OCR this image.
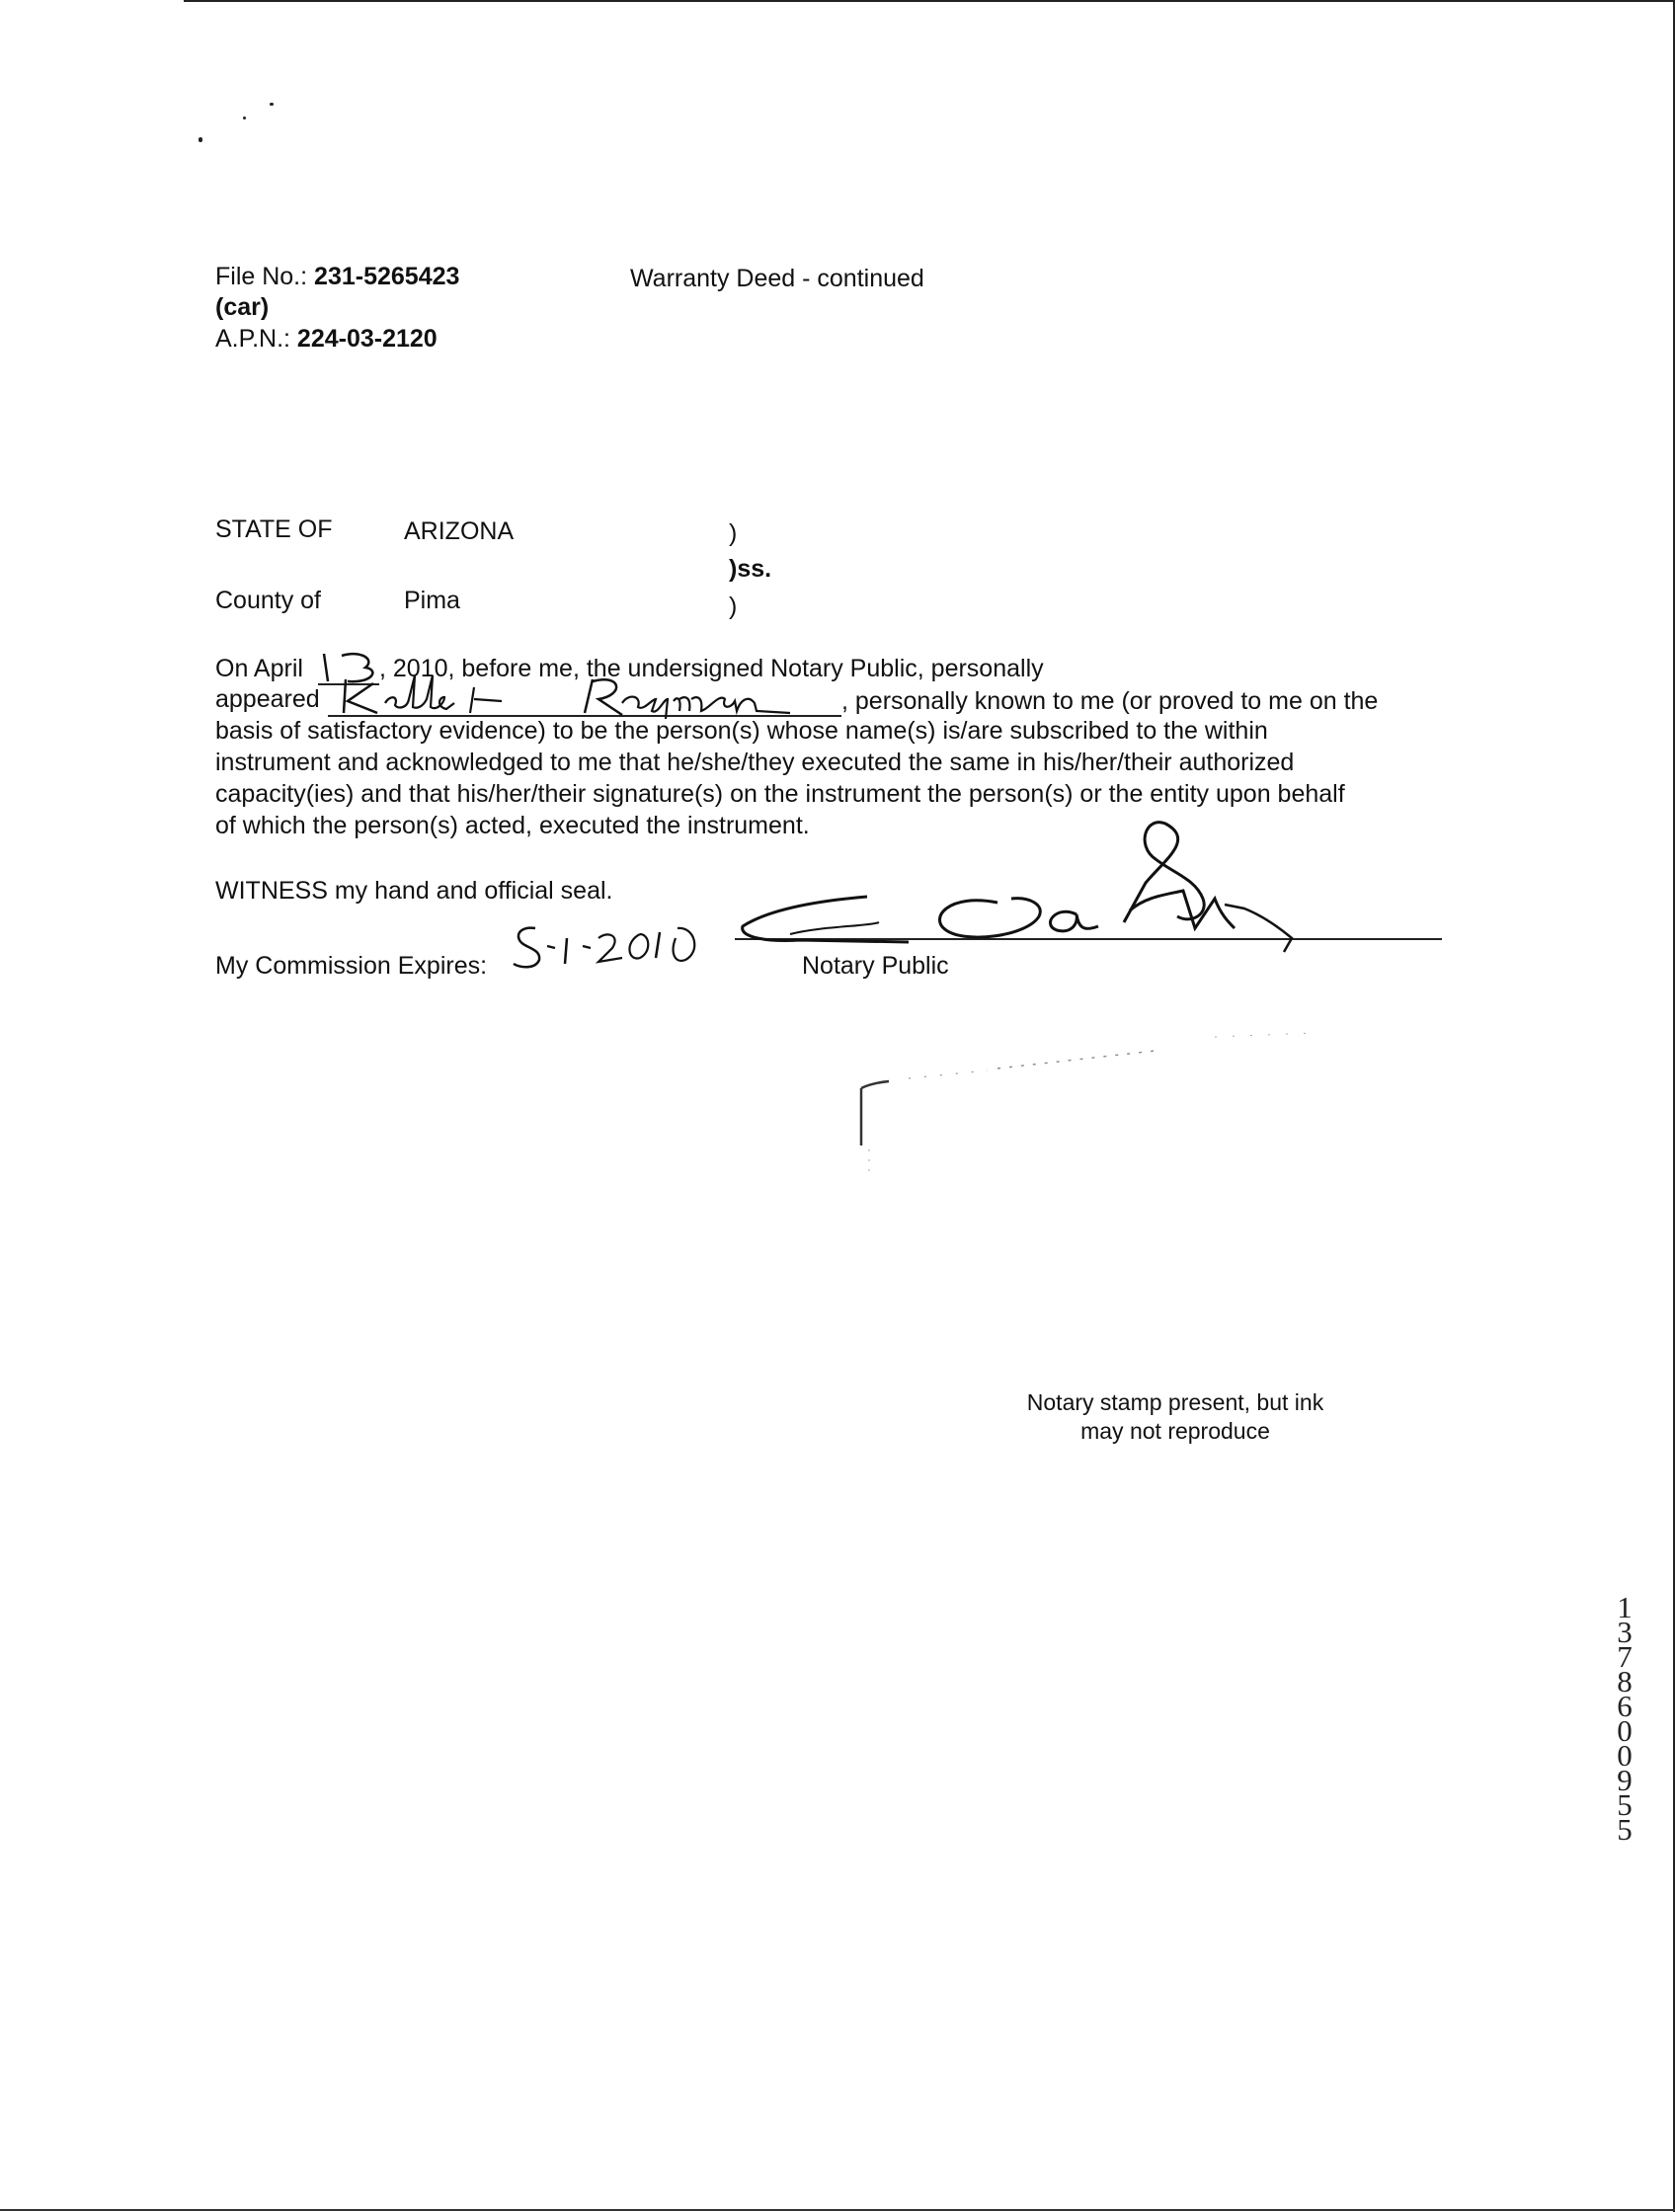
File No.: 231-5265423
(car)
A.P.N.: 224-03-2120
Warranty Deed - continued
STATE OF	ARIZONA
County of	Pima
)
)ss.
)
On April	, 2010, before me, the undersigned Notary Public, personally
appeared	, personally known to me (or proved to me on the
basis of satisfactory evidence) to be the person(s) whose name(s) is/are subscribed to the within
instrument and acknowledged to me that he/she/they executed the same in his/her/their authorized
capacity(ies) and that his/her/their signature(s) on the instrument the person(s) or the entity upon behalf
of which the person(s) acted, executed the instrument.
WITNESS my hand and official seal.
My Commission Expires:	Notary Public
Notary stamp present, but ink
may not reproduce
13786 00955
